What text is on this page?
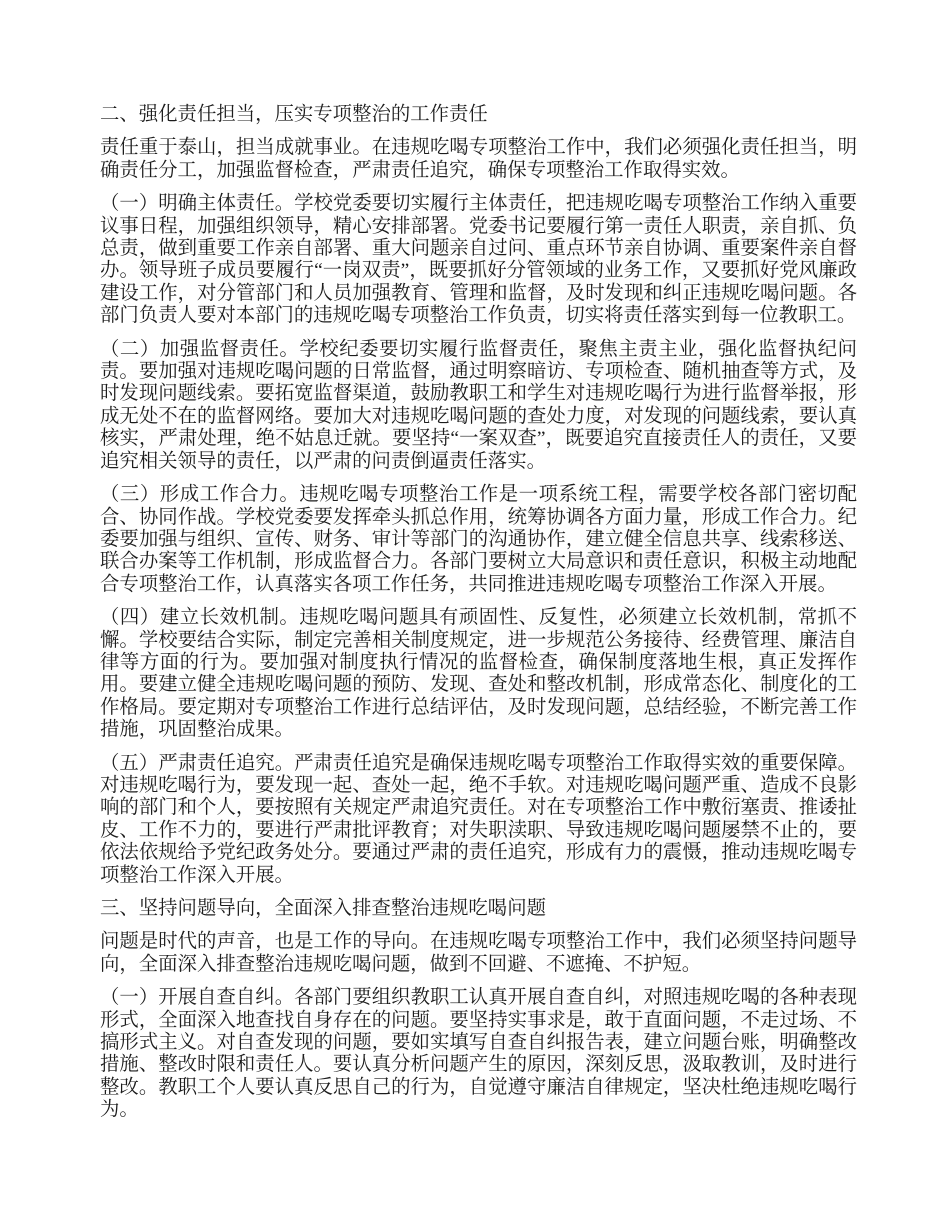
二、强化责任担当，压实专项整治的工作责任

责任重于泰山，担当成就事业。在违规吃喝专项整治工作中，我们必须强化责任担当，明确责任分工，加强监督检查，严肃责任追究，确保专项整治工作取得实效。

（一）明确主体责任。学校党委要切实履行主体责任，把违规吃喝专项整治工作纳入重要议事日程，加强组织领导，精心安排部署。党委书记要履行第一责任人职责，亲自抓、负总责，做到重要工作亲自部署、重大问题亲自过问、重点环节亲自协调、重要案件亲自督办。领导班子成员要履行“一岗双责”，既要抓好分管领域的业务工作，又要抓好党风廉政建设工作，对分管部门和人员加强教育、管理和监督，及时发现和纠正违规吃喝问题。各部门负责人要对本部门的违规吃喝专项整治工作负责，切实将责任落实到每一位教职工。

（二）加强监督责任。学校纪委要切实履行监督责任，聚焦主责主业，强化监督执纪问责。要加强对违规吃喝问题的日常监督，通过明察暗访、专项检查、随机抽查等方式，及时发现问题线索。要拓宽监督渠道，鼓励教职工和学生对违规吃喝行为进行监督举报，形成无处不在的监督网络。要加大对违规吃喝问题的查处力度，对发现的问题线索，要认真核实，严肃处理，绝不姑息迁就。要坚持“一案双查”，既要追究直接责任人的责任，又要追究相关领导的责任，以严肃的问责倒逼责任落实。

（三）形成工作合力。违规吃喝专项整治工作是一项系统工程，需要学校各部门密切配合、协同作战。学校党委要发挥牵头抓总作用，统筹协调各方面力量，形成工作合力。纪委要加强与组织、宣传、财务、审计等部门的沟通协作，建立健全信息共享、线索移送、联合办案等工作机制，形成监督合力。各部门要树立大局意识和责任意识，积极主动地配合专项整治工作，认真落实各项工作任务，共同推进违规吃喝专项整治工作深入开展。

（四）建立长效机制。违规吃喝问题具有顽固性、反复性，必须建立长效机制，常抓不懈。学校要结合实际，制定完善相关制度规定，进一步规范公务接待、经费管理、廉洁自律等方面的行为。要加强对制度执行情况的监督检查，确保制度落地生根，真正发挥作用。要建立健全违规吃喝问题的预防、发现、查处和整改机制，形成常态化、制度化的工作格局。要定期对专项整治工作进行总结评估，及时发现问题，总结经验，不断完善工作措施，巩固整治成果。

（五）严肃责任追究。严肃责任追究是确保违规吃喝专项整治工作取得实效的重要保障。对违规吃喝行为，要发现一起、查处一起，绝不手软。对违规吃喝问题严重、造成不良影响的部门和个人，要按照有关规定严肃追究责任。对在专项整治工作中敷衍塞责、推诿扯皮、工作不力的，要进行严肃批评教育；对失职渎职、导致违规吃喝问题屡禁不止的，要依法依规给予党纪政务处分。要通过严肃的责任追究，形成有力的震慑，推动违规吃喝专项整治工作深入开展。

三、坚持问题导向，全面深入排查整治违规吃喝问题

问题是时代的声音，也是工作的导向。在违规吃喝专项整治工作中，我们必须坚持问题导向，全面深入排查整治违规吃喝问题，做到不回避、不遮掩、不护短。

（一）开展自查自纠。各部门要组织教职工认真开展自查自纠，对照违规吃喝的各种表现形式，全面深入地查找自身存在的问题。要坚持实事求是，敢于直面问题，不走过场、不搞形式主义。对自查发现的问题，要如实填写自查自纠报告表，建立问题台账，明确整改措施、整改时限和责任人。要认真分析问题产生的原因，深刻反思，汲取教训，及时进行整改。教职工个人要认真反思自己的行为，自觉遵守廉洁自律规定，坚决杜绝违规吃喝行为。
